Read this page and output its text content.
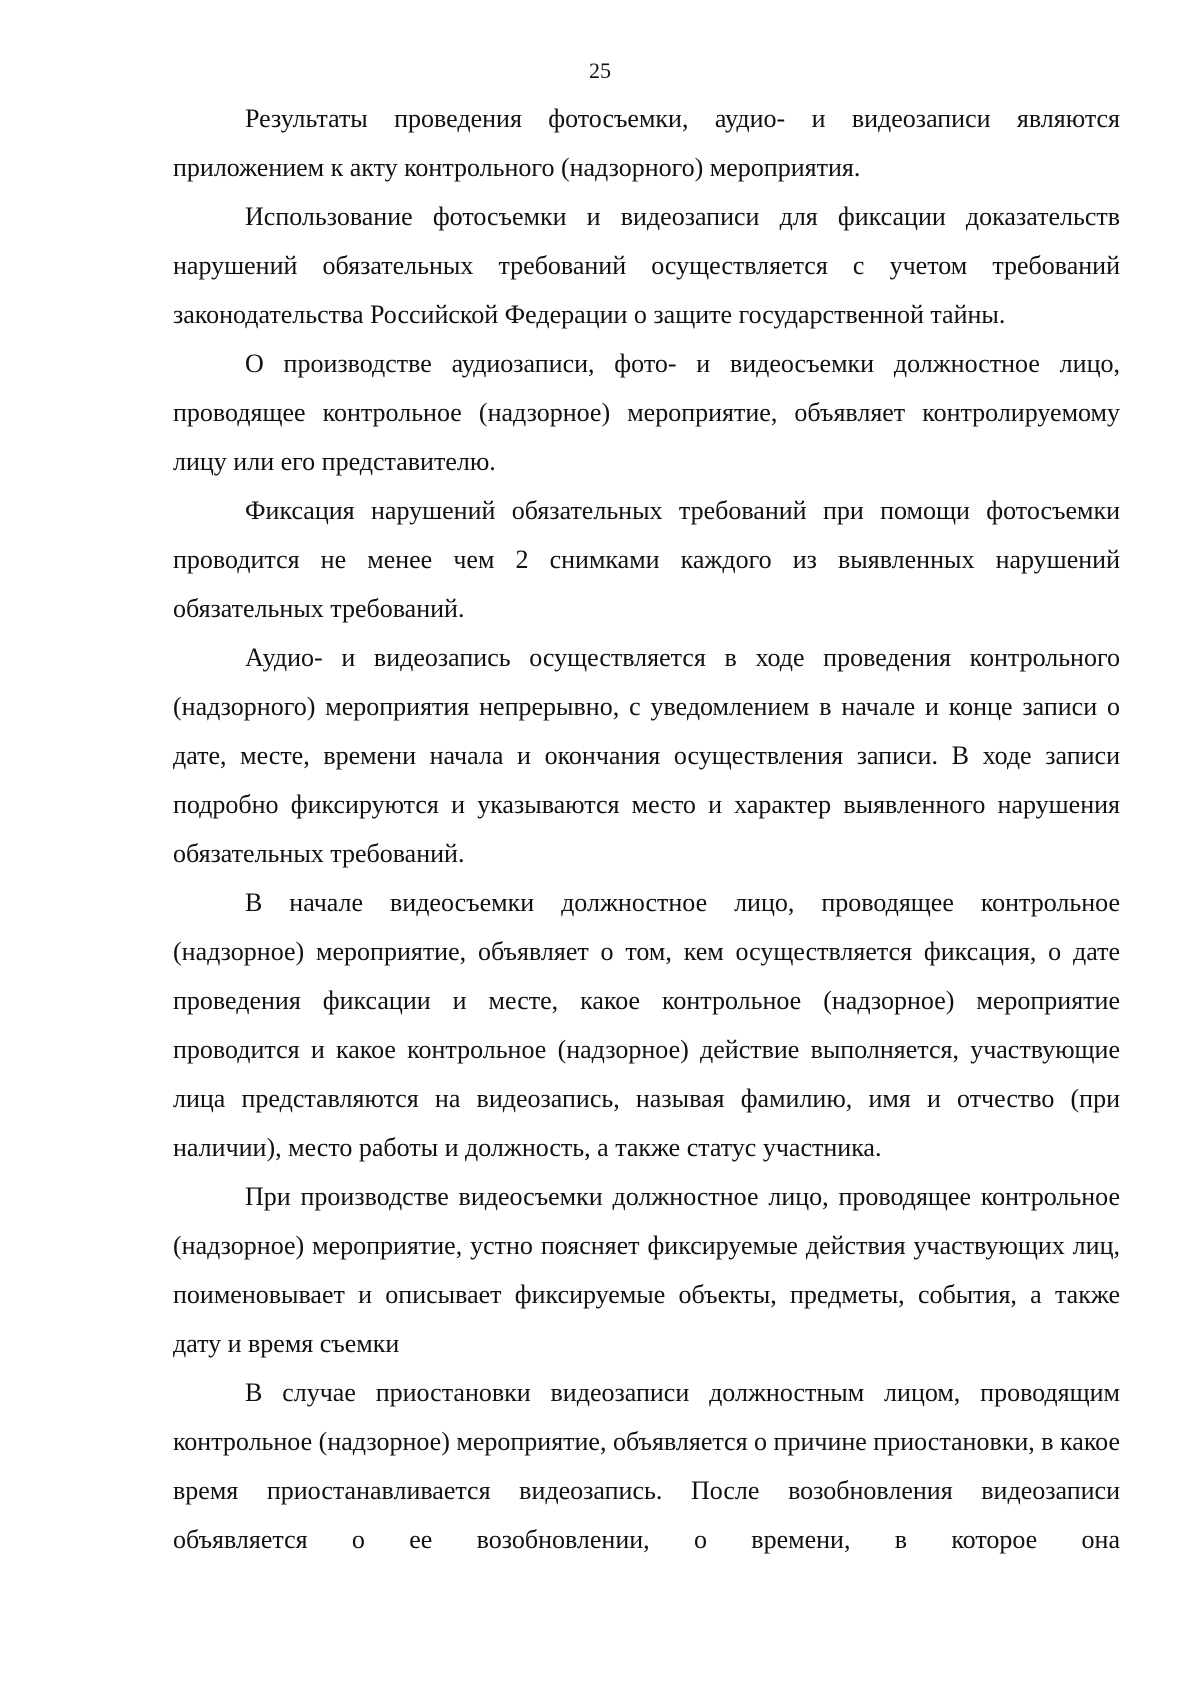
25

Результаты проведения фотосъемки, аудио- и видеозаписи являются приложением к акту контрольного (надзорного) мероприятия.

Использование фотосъемки и видеозаписи для фиксации доказательств нарушений обязательных требований осуществляется с учетом требований законодательства Российской Федерации о защите государственной тайны.

О производстве аудиозаписи, фото- и видеосъемки должностное лицо, проводящее контрольное (надзорное) мероприятие, объявляет контролируемому лицу или его представителю.

Фиксация нарушений обязательных требований при помощи фотосъемки проводится не менее чем 2 снимками каждого из выявленных нарушений обязательных требований.

Аудио- и видеозапись осуществляется в ходе проведения контрольного (надзорного) мероприятия непрерывно, с уведомлением в начале и конце записи о дате, месте, времени начала и окончания осуществления записи. В ходе записи подробно фиксируются и указываются место и характер выявленного нарушения обязательных требований.

В начале видеосъемки должностное лицо, проводящее контрольное (надзорное) мероприятие, объявляет о том, кем осуществляется фиксация, о дате проведения фиксации и месте, какое контрольное (надзорное) мероприятие проводится и какое контрольное (надзорное) действие выполняется, участвующие лица представляются на видеозапись, называя фамилию, имя и отчество (при наличии), место работы и должность, а также статус участника.

При производстве видеосъемки должностное лицо, проводящее контрольное (надзорное) мероприятие, устно поясняет фиксируемые действия участвующих лиц, поименовывает и описывает фиксируемые объекты, предметы, события, а также дату и время съемки

В случае приостановки видеозаписи должностным лицом, проводящим контрольное (надзорное) мероприятие, объявляется о причине приостановки, в какое время приостанавливается видеозапись. После возобновления видеозаписи объявляется о ее возобновлении, о времени, в которое она
